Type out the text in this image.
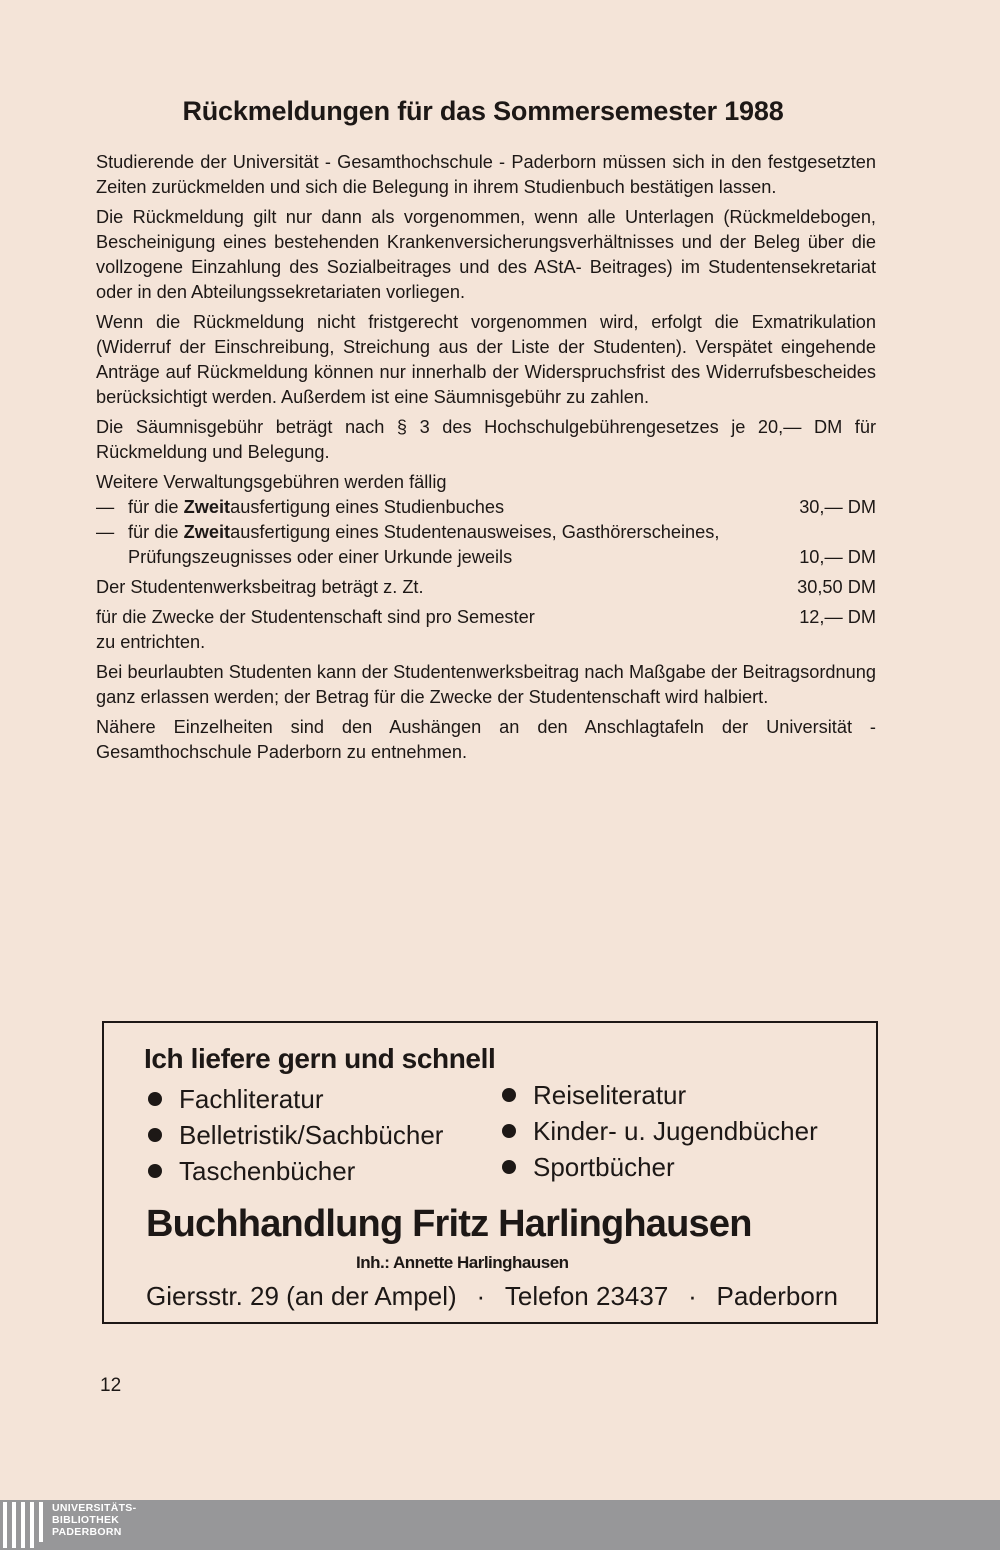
Rückmeldungen für das Sommersemester 1988

Studierende der Universität - Gesamthochschule - Paderborn müssen sich in den festgesetzten Zeiten zurückmelden und sich die Belegung in ihrem Studienbuch bestätigen lassen.

Die Rückmeldung gilt nur dann als vorgenommen, wenn alle Unterlagen (Rückmeldebogen, Bescheinigung eines bestehenden Krankenversicherungsverhältnisses und der Beleg über die vollzogene Einzahlung des Sozialbeitrages und des AStA- Beitrages) im Studentensekretariat oder in den Abteilungssekretariaten vorliegen.

Wenn die Rückmeldung nicht fristgerecht vorgenommen wird, erfolgt die Exmatrikulation (Widerruf der Einschreibung, Streichung aus der Liste der Studenten). Verspätet eingehende Anträge auf Rückmeldung können nur innerhalb der Widerspruchsfrist des Widerrufsbescheides berücksichtigt werden. Außerdem ist eine Säumnisgebühr zu zahlen.

Die Säumnisgebühr beträgt nach § 3 des Hochschulgebührengesetzes je 20,— DM für Rückmeldung und Belegung.

Weitere Verwaltungsgebühren werden fällig
— für die Zweitausfertigung eines Studienbuches	30,— DM
— für die Zweitausfertigung eines Studentenausweises, Gasthörerscheines, Prüfungszeugnisses oder einer Urkunde jeweils	10,— DM
Der Studentenwerksbeitrag beträgt z. Zt.	30,50 DM
für die Zwecke der Studentenschaft sind pro Semester	12,— DM
zu entrichten.

Bei beurlaubten Studenten kann der Studentenwerksbeitrag nach Maßgabe der Beitragsordnung ganz erlassen werden; der Betrag für die Zwecke der Studentenschaft wird halbiert.

Nähere Einzelheiten sind den Aushängen an den Anschlagtafeln der Universität - Gesamthochschule Paderborn zu entnehmen.

Ich liefere gern und schnell
Fachliteratur
Belletristik/Sachbücher
Taschenbücher
Reiseliteratur
Kinder- u. Jugendbücher
Sportbücher
Buchhandlung Fritz Harlinghausen
Inh.: Annette Harlinghausen
Giersstr. 29 (an der Ampel) · Telefon 23437 · Paderborn
12
UNIVERSITÄTS-
BIBLIOTHEK
PADERBORN
